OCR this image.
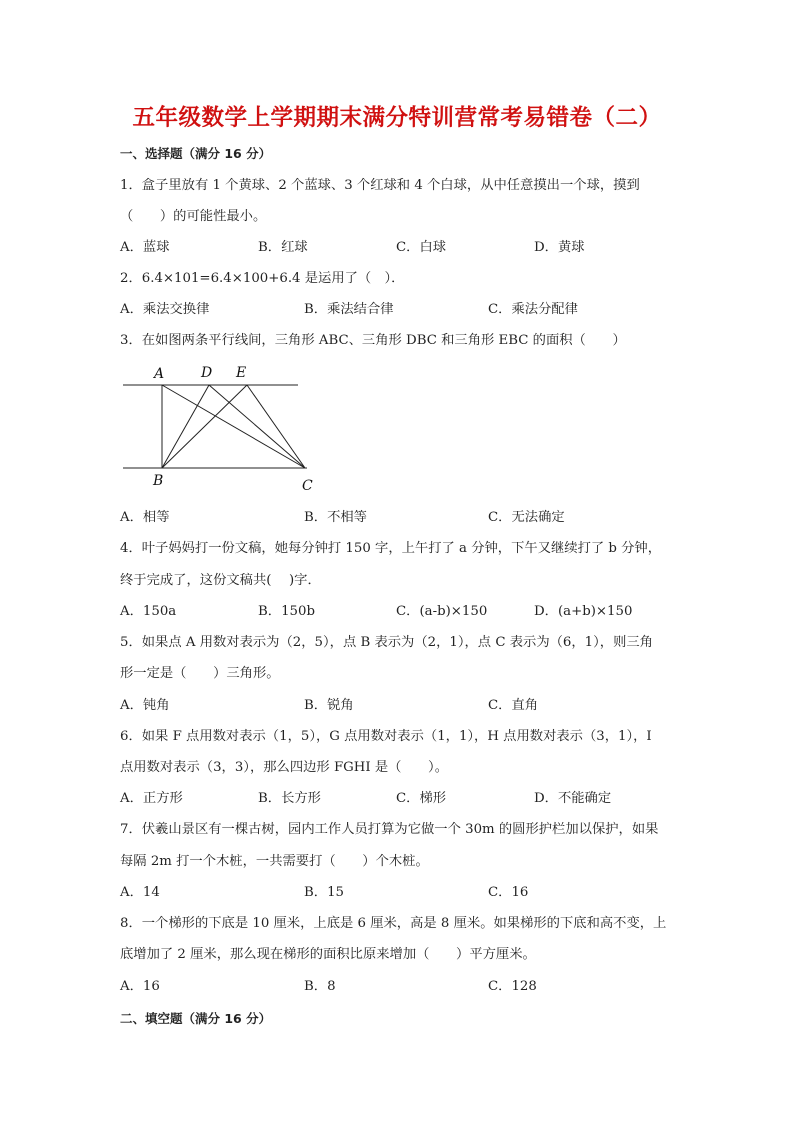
五年级数学上学期期末满分特训营常考易错卷（二）
一、选择题（满分 16 分）
1．盒子里放有 1 个黄球、2 个蓝球、3 个红球和 4 个白球，从中任意摸出一个球，摸到
（　　）的可能性最小。
A．蓝球	B．红球	C．白球	D．黄球
2．6.4×101=6.4×100+6.4 是运用了（　）．
A．乘法交换律	B．乘法结合律	C．乘法分配律
3．在如图两条平行线间，三角形 ABC、三角形 DBC 和三角形 EBC 的面积（　　）
A	D E
B	C
A．相等	B．不相等	C．无法确定
4．叶子妈妈打一份文稿，她每分钟打 150 字，上午打了 a 分钟，下午又继续打了 b 分钟，
终于完成了，这份文稿共(　 )字．
A．150a	B．150b	C．(a-b)×150	D．(a+b)×150
5．如果点 A 用数对表示为（2，5），点 B 表示为（2，1），点 C 表示为（6，1），则三角
形一定是（　　）三角形。
A．钝角	B．锐角	C．直角
6．如果 F 点用数对表示（1，5），G 点用数对表示（1，1），H 点用数对表示（3，1），I
点用数对表示（3，3），那么四边形 FGHI 是（　　）。
A．正方形	B．长方形	C．梯形	D．不能确定
7．伏羲山景区有一棵古树，园内工作人员打算为它做一个 30m 的圆形护栏加以保护，如果
每隔 2m 打一个木桩，一共需要打（　　）个木桩。
A．14	B．15	C．16
8．一个梯形的下底是 10 厘米，上底是 6 厘米，高是 8 厘米。如果梯形的下底和高不变，上
底增加了 2 厘米，那么现在梯形的面积比原来增加（　　）平方厘米。
A．16	B．8	C．128
二、填空题（满分 16 分）
